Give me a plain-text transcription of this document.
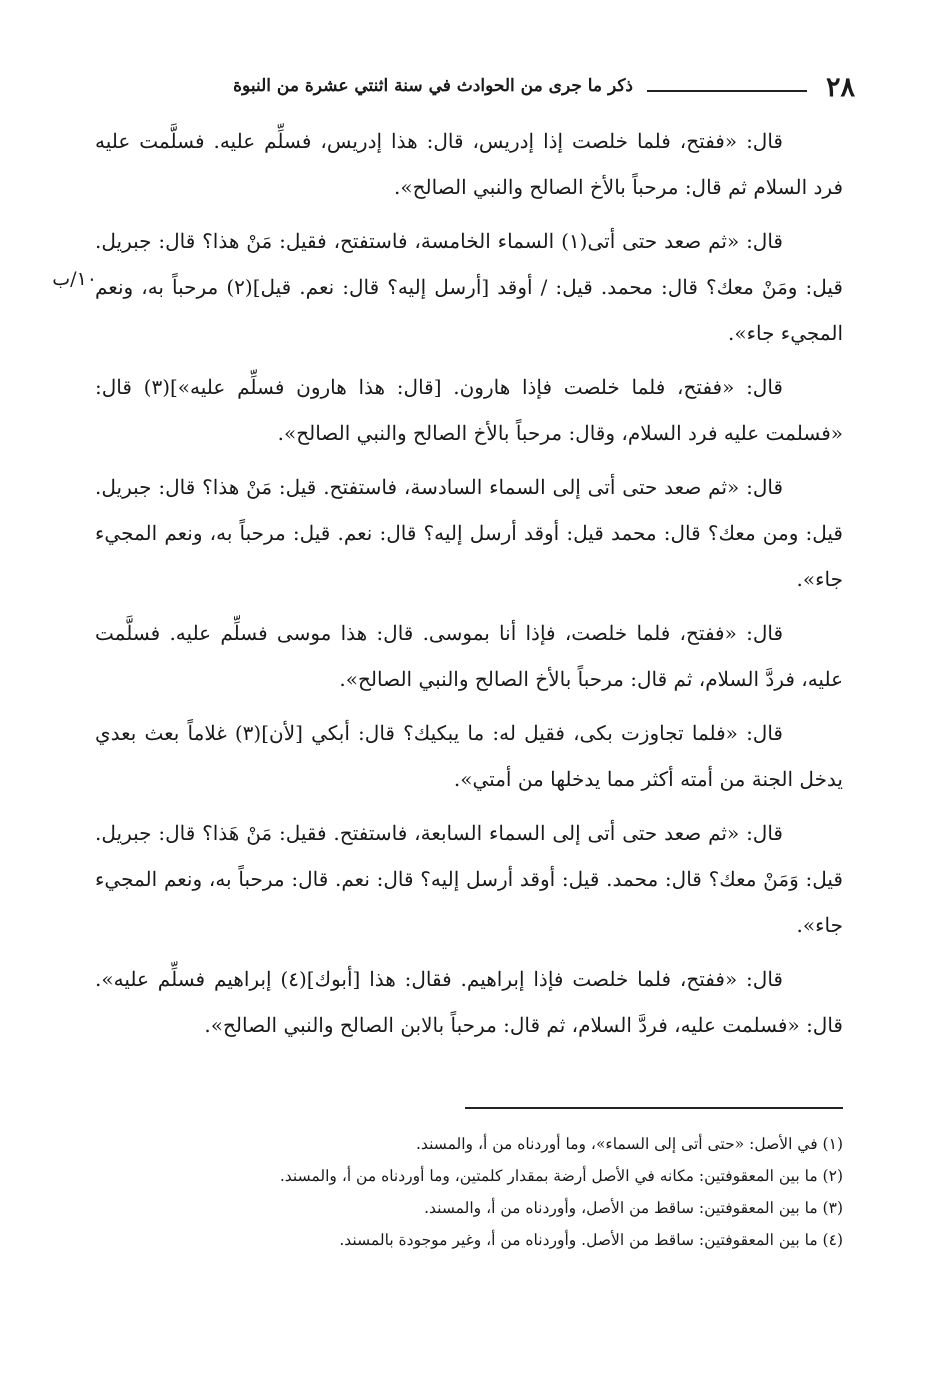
٢٨
ذكر ما جرى من الحوادث في سنة اثنتي عشرة من النبوة
١٠/ب

قال: «ففتح، فلما خلصت إذا إدريس، قال: هذا إدريس، فسلِّم عليه. فسلَّمت عليه فرد السلام ثم قال: مرحباً بالأخ الصالح والنبي الصالح».

قال: «ثم صعد حتى أتى(١) السماء الخامسة، فاستفتح، فقيل: مَنْ هذا؟ قال: جبريل. قيل: ومَنْ معك؟ قال: محمد. قيل: / أوقد [أرسل إليه؟ قال: نعم. قيل](٢) مرحباً به، ونعم المجيء جاء».

قال: «ففتح، فلما خلصت فإذا هارون. [قال: هذا هارون فسلِّم عليه»](٣) قال: «فسلمت عليه فرد السلام، وقال: مرحباً بالأخ الصالح والنبي الصالح».

قال: «ثم صعد حتى أتى إلى السماء السادسة، فاستفتح. قيل: مَنْ هذا؟ قال: جبريل. قيل: ومن معك؟ قال: محمد قيل: أوقد أرسل إليه؟ قال: نعم. قيل: مرحباً به، ونعم المجيء جاء».

قال: «ففتح، فلما خلصت، فإذا أنا بموسى. قال: هذا موسى فسلِّم عليه. فسلَّمت عليه، فردَّ السلام، ثم قال: مرحباً بالأخ الصالح والنبي الصالح».

قال: «فلما تجاوزت بكى، فقيل له: ما يبكيك؟ قال: أبكي [لأن](٣) غلاماً بعث بعدي يدخل الجنة من أمته أكثر مما يدخلها من أمتي».

قال: «ثم صعد حتى أتى إلى السماء السابعة، فاستفتح. فقيل: مَنْ هَذا؟ قال: جبريل. قيل: وَمَنْ معك؟ قال: محمد. قيل: أوقد أرسل إليه؟ قال: نعم. قال: مرحباً به، ونعم المجيء جاء».

قال: «ففتح، فلما خلصت فإذا إبراهيم. فقال: هذا [أبوك](٤) إبراهيم فسلِّم عليه». قال: «فسلمت عليه، فردَّ السلام، ثم قال: مرحباً بالابن الصالح والنبي الصالح».

(١) في الأصل: «حتى أتى إلى السماء»، وما أوردناه من أ، والمسند.

(٢) ما بين المعقوفتين: مكانه في الأصل أرضة بمقدار كلمتين، وما أوردناه من أ، والمسند.

(٣) ما بين المعقوفتين: ساقط من الأصل، وأوردناه من أ، والمسند.

(٤) ما بين المعقوفتين: ساقط من الأصل. وأوردناه من أ، وغير موجودة بالمسند.
